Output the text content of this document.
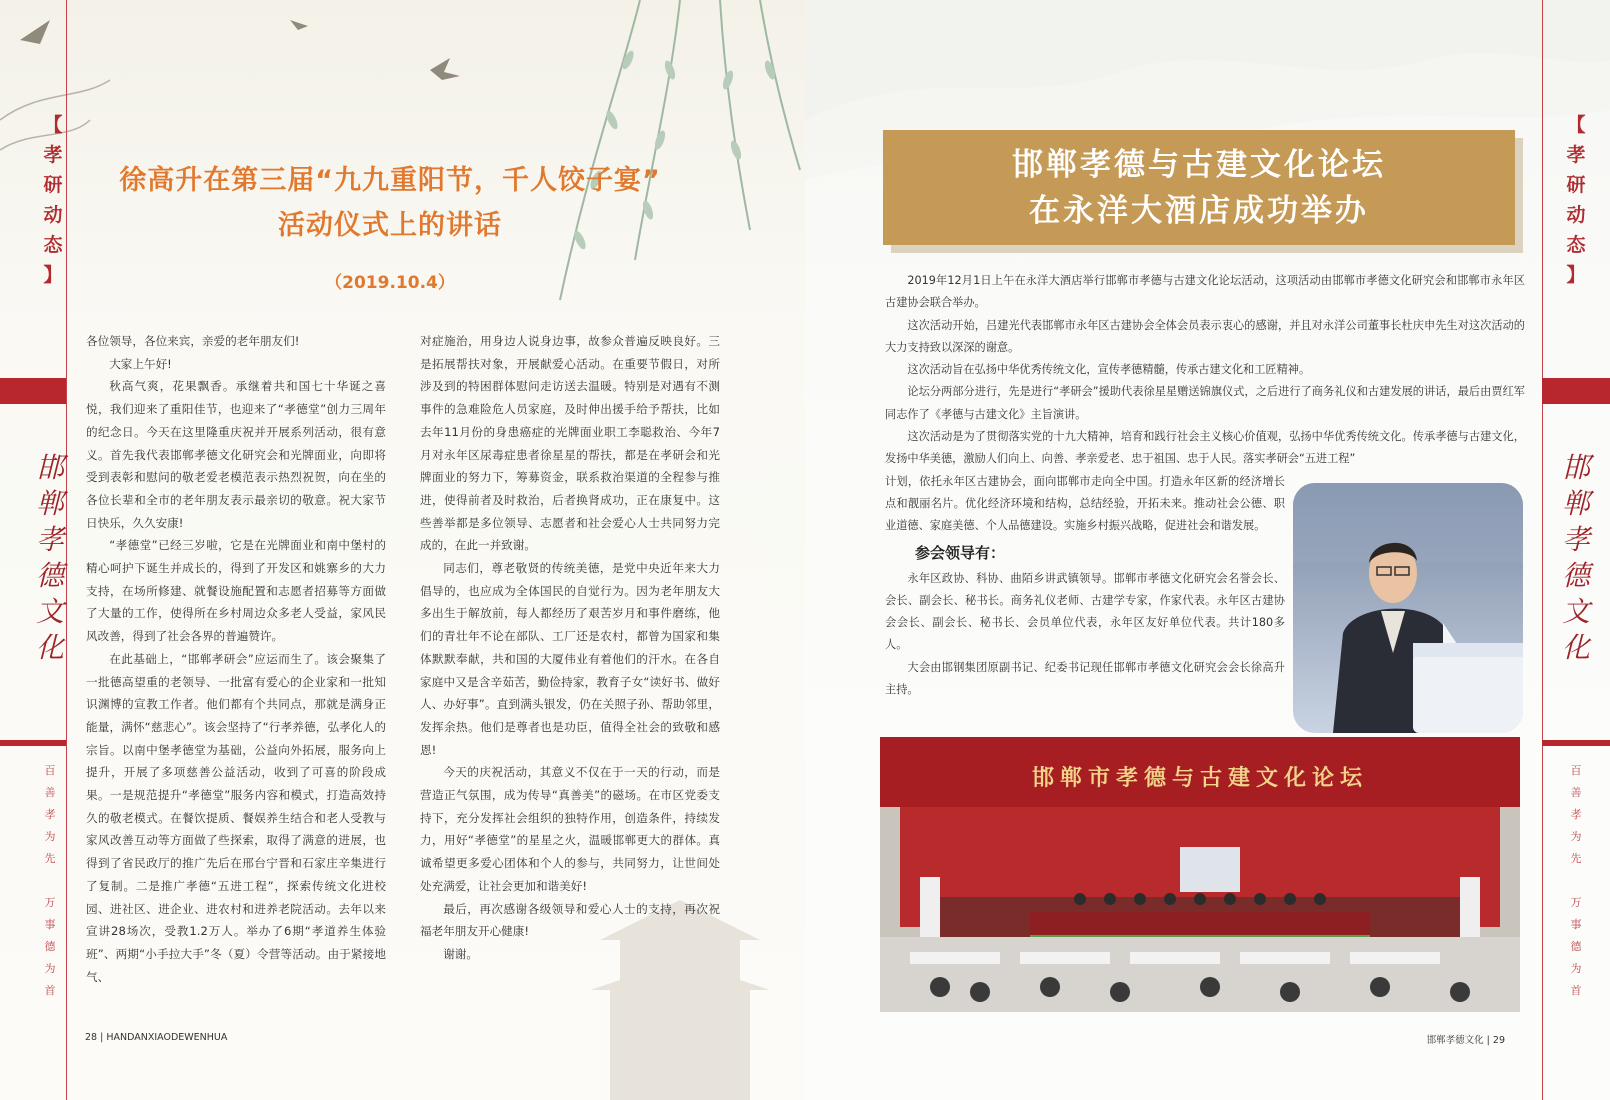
【
孝
研
动
态
】
邯
郸
孝
德
文
化
百
善
孝
为
先
万
事
德
为
首
徐高升在第三届“九九重阳节，千人饺子宴”
活动仪式上的讲话
（2019.10.4）

各位领导，各位来宾，亲爱的老年朋友们!

大家上午好!

秋高气爽，花果飘香。承继着共和国七十华诞之喜悦，我们迎来了重阳佳节，也迎来了“孝德堂”创力三周年的纪念日。今天在这里隆重庆祝并开展系列活动，很有意义。首先我代表邯郸孝德文化研究会和光牌面业，向即将受到表彰和慰问的敬老爱老模范表示热烈祝贺，向在坐的各位长辈和全市的老年朋友表示最亲切的敬意。祝大家节日快乐，久久安康!

“孝德堂”已经三岁啦，它是在光牌面业和南中堡村的精心呵护下诞生并成长的，得到了开发区和姚寨乡的大力支持，在场所修建、就餐设施配置和志愿者招募等方面做了大量的工作，使得所在乡村周边众多老人受益，家风民风改善，得到了社会各界的普遍赞许。

在此基础上，“邯郸孝研会”应运而生了。该会聚集了一批德高望重的老领导、一批富有爱心的企业家和一批知识渊博的宣教工作者。他们都有个共同点，那就是满身正能量，满怀“慈悲心”。该会坚持了“行孝养德，弘孝化人的宗旨。以南中堡孝德堂为基础，公益向外拓展，服务向上提升，开展了多项慈善公益活动，收到了可喜的阶段成果。一是规范提升“孝德堂”服务内容和模式，打造高效持久的敬老模式。在餐饮提质、餐娱养生结合和老人受教与家风改善互动等方面做了些探索，取得了满意的进展，也得到了省民政厅的推广先后在邢台宁晋和石家庄辛集进行了复制。二是推广孝德“五进工程”，探索传统文化进校园、进社区、进企业、进农村和进养老院活动。去年以来宣讲28场次，受教1.2万人。举办了6期“孝道养生体验班”、两期“小手拉大手”冬（夏）令营等活动。由于紧接地气、

对症施治，用身边人说身边事，故参众普遍反映良好。三是拓展帮扶对象，开展献爱心活动。在重要节假日，对所涉及到的特困群体慰问走访送去温暖。特别是对遇有不测事件的急难险危人员家庭，及时伸出援手给予帮扶，比如去年11月份的身患癌症的光牌面业职工李聪救治、今年7月对永年区尿毒症患者徐星星的帮扶，都是在孝研会和光牌面业的努力下，筹募资金，联系救治渠道的全程参与推进，使得前者及时救治，后者换肾成功，正在康复中。这些善举都是多位领导、志愿者和社会爱心人士共同努力完成的，在此一并致谢。

同志们，尊老敬贤的传统美德，是党中央近年来大力倡导的，也应成为全体国民的自觉行为。因为老年朋友大多出生于解放前，每人都经历了艰苦岁月和事件磨练，他们的青壮年不论在部队、工厂还是农村，都曾为国家和集体默默奉献，共和国的大厦伟业有着他们的汗水。在各自家庭中又是含辛茹苦，勤俭持家，教育子女“读好书、做好人、办好事”。直到满头银发，仍在关照子孙、帮助邻里，发挥余热。他们是尊者也是功臣，值得全社会的致敬和感恩!

今天的庆祝活动，其意义不仅在于一天的行动，而是营造正气氛围，成为传导“真善美”的磁场。在市区党委支持下，充分发挥社会组织的独特作用，创造条件，持续发力，用好“孝德堂”的星星之火，温暖邯郸更大的群体。真诚希望更多爱心团体和个人的参与，共同努力，让世间处处充满爱，让社会更加和谐美好!

最后，再次感谢各级领导和爱心人士的支持，再次祝福老年朋友开心健康!

谢谢。

28 | HANDANXIAODEWENHUA
【
孝
研
动
态
】
邯
郸
孝
德
文
化
百
善
孝
为
先
万
事
德
为
首
邯郸孝德文化 | 29
邯郸孝德与古建文化论坛
在永洋大酒店成功举办

2019年12月1日上午在永洋大酒店举行邯郸市孝德与古建文化论坛活动，这项活动由邯郸市孝德文化研究会和邯郸市永年区古建协会联合举办。

这次活动开始，吕建光代表邯郸市永年区古建协会全体会员表示衷心的感谢，并且对永洋公司董事长杜庆申先生对这次活动的大力支持致以深深的谢意。

这次活动旨在弘扬中华优秀传统文化，宣传孝德精髓，传承古建文化和工匠精神。

论坛分两部分进行，先是进行“孝研会”援助代表徐星星赠送锦旗仪式，之后进行了商务礼仪和古建发展的讲话，最后由贾红军同志作了《孝德与古建文化》主旨演讲。

这次活动是为了贯彻落实党的十九大精神，培育和践行社会主义核心价值观，弘扬中华优秀传统文化。传承孝德与古建文化，发扬中华美德，激励人们向上、向善、孝亲爱老、忠于祖国、忠于人民。落实孝研会“五进工程”

计划，依托永年区古建协会，面向邯郸市走向全中国。打造永年区新的经济增长点和靓丽名片。优化经济环境和结构，总结经验，开拓未来。推动社会公德、职业道德、家庭美德、个人品德建设。实施乡村振兴战略，促进社会和谐发展。

参会领导有：

永年区政协、科协、曲陌乡讲武镇领导。邯郸市孝德文化研究会名誉会长、会长、副会长、秘书长。商务礼仪老师、古建学专家，作家代表。永年区古建协会会长、副会长、秘书长、会员单位代表，永年区友好单位代表。共计180多人。

大会由邯钢集团原副书记、纪委书记现任邯郸市孝德文化研究会会长徐高升主持。

邯郸市孝德与古建文化论坛
